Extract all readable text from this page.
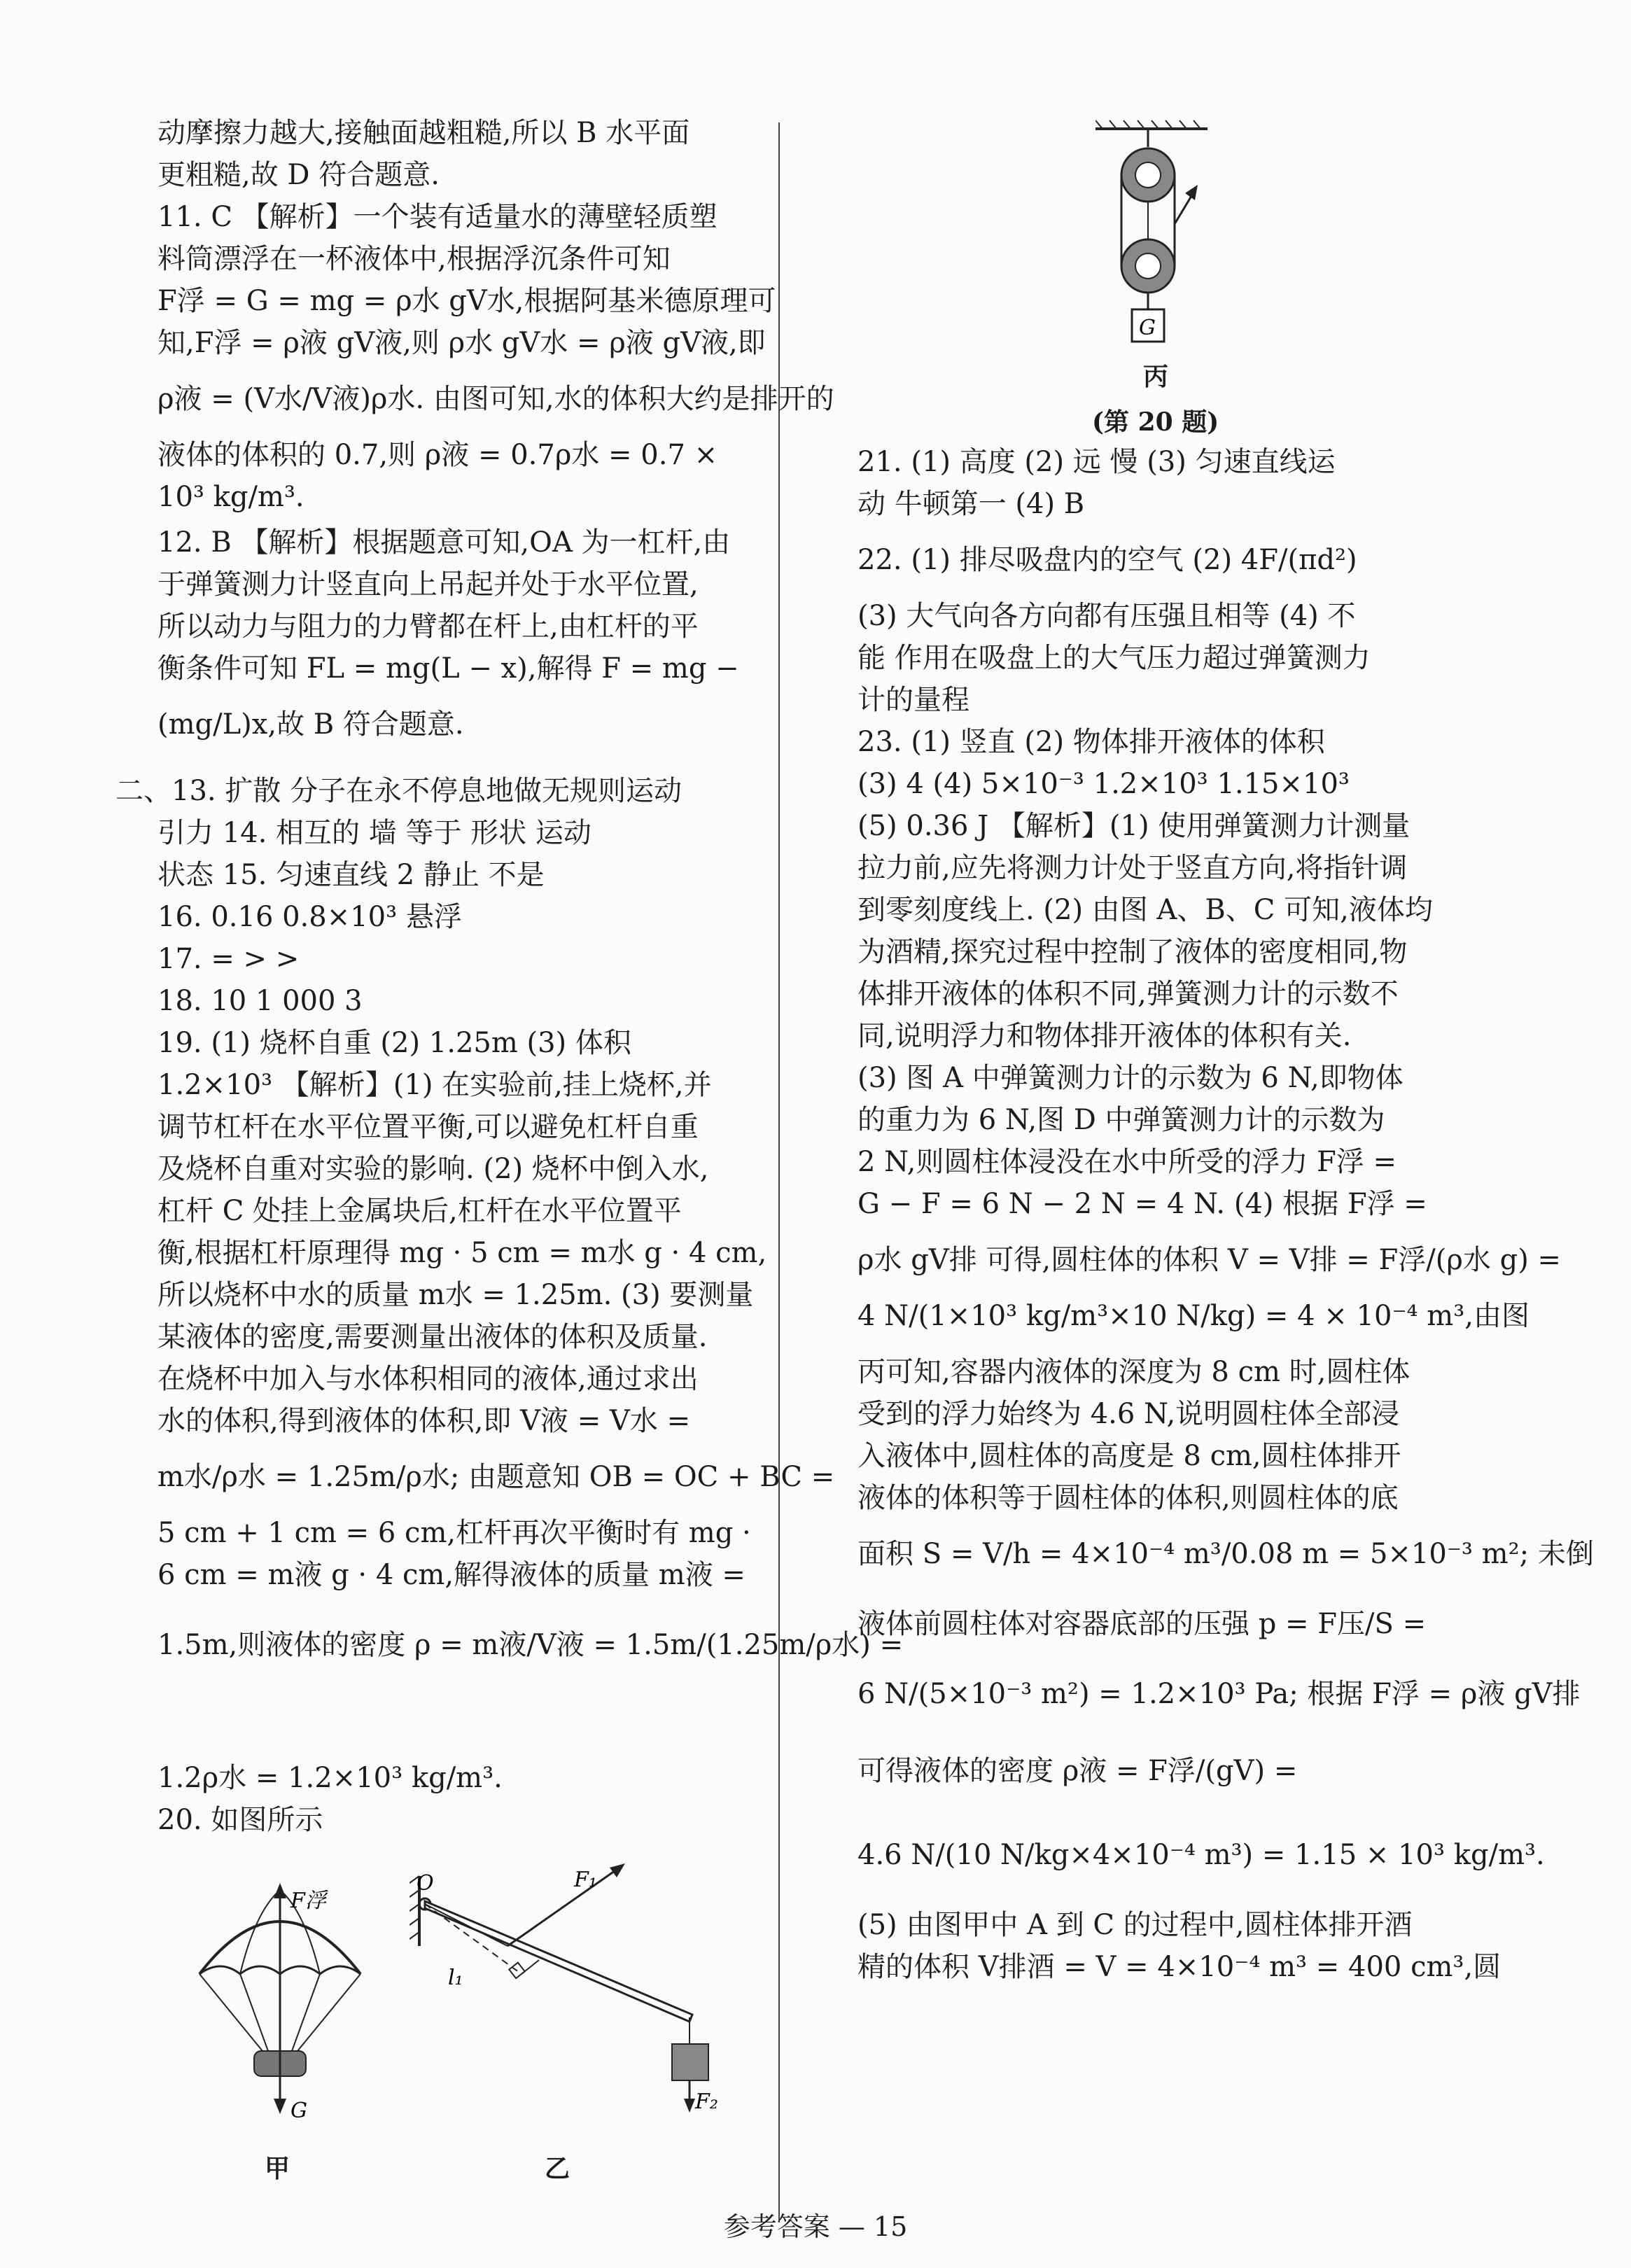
动摩擦力越大,接触面越粗糙,所以 B 水平面
更粗糙,故 D 符合题意.
11. C 【解析】一个装有适量水的薄壁轻质塑
料筒漂浮在一杯液体中,根据浮沉条件可知
F浮 = G = mg = ρ水 gV水,根据阿基米德原理可
知,F浮 = ρ液 gV液,则 ρ水 gV水 = ρ液 gV液,即
ρ液 = (V水/V液)ρ水. 由图可知,水的体积大约是排开的
液体的体积的 0.7,则 ρ液 = 0.7ρ水 = 0.7 ×
10³ kg/m³.
12. B 【解析】根据题意可知,OA 为一杠杆,由
于弹簧测力计竖直向上吊起并处于水平位置,
所以动力与阻力的力臂都在杆上,由杠杆的平
衡条件可知 FL = mg(L − x),解得 F = mg −
(mg/L)x,故 B 符合题意.
二、13. 扩散 分子在永不停息地做无规则运动
引力 14. 相互的 墙 等于 形状 运动
状态 15. 匀速直线 2 静止 不是
16. 0.16 0.8×10³ 悬浮
17. = > >
18. 10 1 000 3
19. (1) 烧杯自重 (2) 1.25m (3) 体积
1.2×10³ 【解析】(1) 在实验前,挂上烧杯,并
调节杠杆在水平位置平衡,可以避免杠杆自重
及烧杯自重对实验的影响. (2) 烧杯中倒入水,
杠杆 C 处挂上金属块后,杠杆在水平位置平
衡,根据杠杆原理得 mg · 5 cm = m水 g · 4 cm,
所以烧杯中水的质量 m水 = 1.25m. (3) 要测量
某液体的密度,需要测量出液体的体积及质量.
在烧杯中加入与水体积相同的液体,通过求出
水的体积,得到液体的体积,即 V液 = V水 =
m水/ρ水 = 1.25m/ρ水; 由题意知 OB = OC + BC =
5 cm + 1 cm = 6 cm,杠杆再次平衡时有 mg ·
6 cm = m液 g · 4 cm,解得液体的质量 m液 =
1.5m,则液体的密度 ρ = m液/V液 = 1.5m/(1.25m/ρ水) =
1.2ρ水 = 1.2×10³ kg/m³.
20. 如图所示
F浮
G
甲
O	F₁
l₁
F₂
乙
G
丙
(第 20 题)
21. (1) 高度 (2) 远 慢 (3) 匀速直线运
动 牛顿第一 (4) B
22. (1) 排尽吸盘内的空气 (2) 4F/(πd²)
(3) 大气向各方向都有压强且相等 (4) 不
能 作用在吸盘上的大气压力超过弹簧测力
计的量程
23. (1) 竖直 (2) 物体排开液体的体积
(3) 4 (4) 5×10⁻³ 1.2×10³ 1.15×10³
(5) 0.36 J 【解析】(1) 使用弹簧测力计测量
拉力前,应先将测力计处于竖直方向,将指针调
到零刻度线上. (2) 由图 A、B、C 可知,液体均
为酒精,探究过程中控制了液体的密度相同,物
体排开液体的体积不同,弹簧测力计的示数不
同,说明浮力和物体排开液体的体积有关.
(3) 图 A 中弹簧测力计的示数为 6 N,即物体
的重力为 6 N,图 D 中弹簧测力计的示数为
2 N,则圆柱体浸没在水中所受的浮力 F浮 =
G − F = 6 N − 2 N = 4 N. (4) 根据 F浮 =
ρ水 gV排 可得,圆柱体的体积 V = V排 = F浮/(ρ水 g) =
4 N/(1×10³ kg/m³×10 N/kg) = 4 × 10⁻⁴ m³,由图
丙可知,容器内液体的深度为 8 cm 时,圆柱体
受到的浮力始终为 4.6 N,说明圆柱体全部浸
入液体中,圆柱体的高度是 8 cm,圆柱体排开
液体的体积等于圆柱体的体积,则圆柱体的底
面积 S = V/h = 4×10⁻⁴ m³/0.08 m = 5×10⁻³ m²; 未倒
液体前圆柱体对容器底部的压强 p = F压/S =
6 N/(5×10⁻³ m²) = 1.2×10³ Pa; 根据 F浮 = ρ液 gV排
可得液体的密度 ρ液 = F浮/(gV) =
4.6 N/(10 N/kg×4×10⁻⁴ m³) = 1.15 × 10³ kg/m³.
(5) 由图甲中 A 到 C 的过程中,圆柱体排开酒
精的体积 V排酒 = V = 4×10⁻⁴ m³ = 400 cm³,圆
参考答案 — 15
